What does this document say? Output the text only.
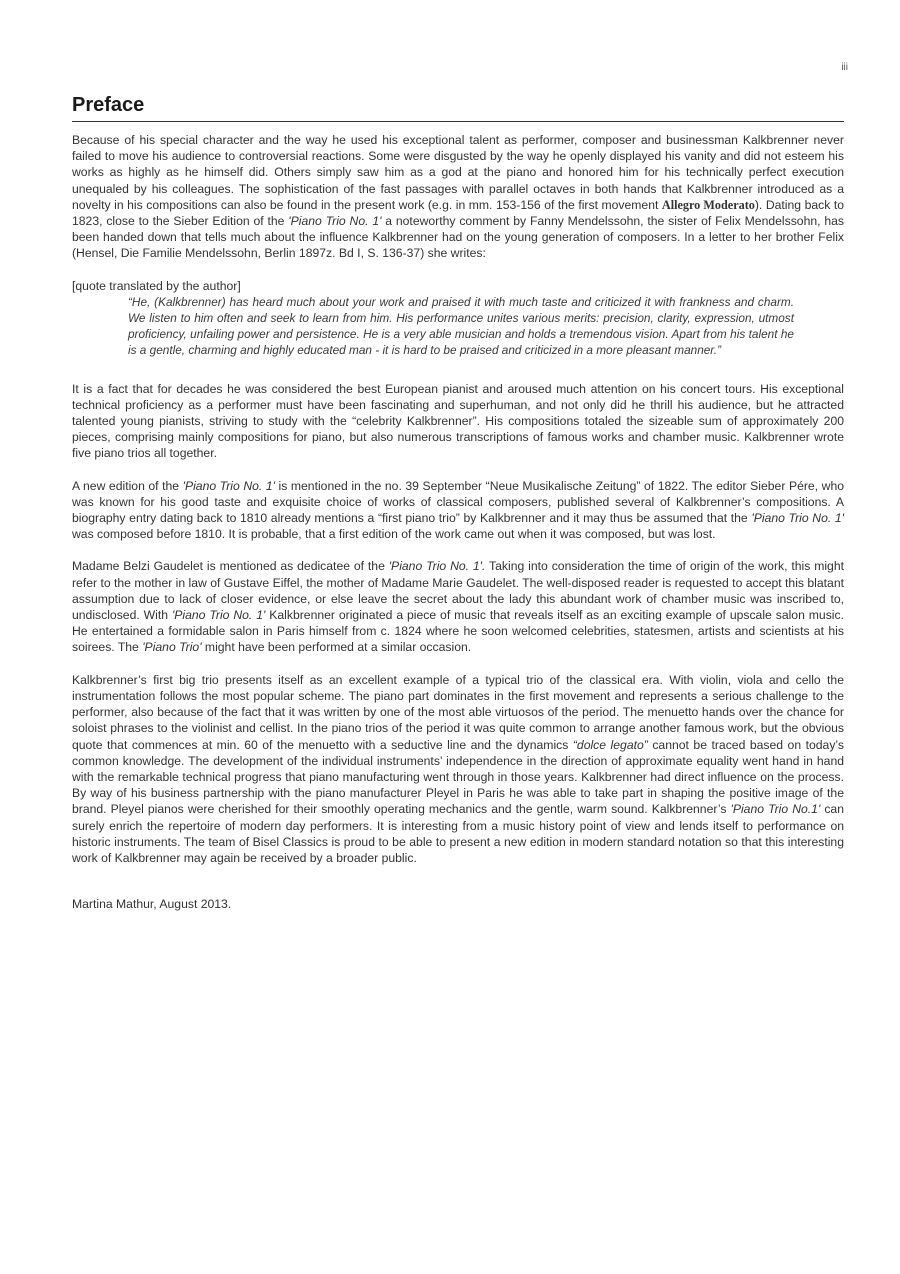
iii
Preface

Because of his special character and the way he used his exceptional talent as performer, composer and businessman Kalkbrenner never failed to move his audience to controversial reactions. Some were disgusted by the way he openly displayed his vanity and did not esteem his works as highly as he himself did. Others simply saw him as a god at the piano and honored him for his technically perfect execution unequaled by his colleagues. The sophistication of the fast passages with parallel octaves in both hands that Kalkbrenner introduced as a novelty in his compositions can also be found in the present work (e.g. in mm. 153-156 of the first movement Allegro Moderato). Dating back to 1823, close to the Sieber Edition of the 'Piano Trio No. 1' a noteworthy comment by Fanny Mendelssohn, the sister of Felix Mendelssohn, has been handed down that tells much about the influence Kalkbrenner had on the young generation of composers. In a letter to her brother Felix (Hensel, Die Familie Mendelssohn, Berlin 1897z. Bd I, S. 136-37) she writes:

[quote translated by the author]

“He, (Kalkbrenner) has heard much about your work and praised it with much taste and criticized it with frankness and charm. We listen to him often and seek to learn from him. His performance unites various merits: precision, clarity, expression, utmost proficiency, unfailing power and persistence. He is a very able musician and holds a tremendous vision. Apart from his talent he is a gentle, charming and highly educated man - it is hard to be praised and criticized in a more pleasant manner.”

It is a fact that for decades he was considered the best European pianist and aroused much attention on his concert tours. His exceptional technical proficiency as a performer must have been fascinating and superhuman, and not only did he thrill his audience, but he attracted talented young pianists, striving to study with the “celebrity Kalkbrenner”. His compositions totaled the sizeable sum of approximately 200 pieces, comprising mainly compositions for piano, but also numerous transcriptions of famous works and chamber music. Kalkbrenner wrote five piano trios all together.

A new edition of the 'Piano Trio No. 1' is mentioned in the no. 39 September “Neue Musikalische Zeitung” of 1822. The editor Sieber Pére, who was known for his good taste and exquisite choice of works of classical composers, published several of Kalkbrenner’s compositions. A biography entry dating back to 1810 already mentions a “first piano trio” by Kalkbrenner and it may thus be assumed that the 'Piano Trio No. 1' was composed before 1810. It is probable, that a first edition of the work came out when it was composed, but was lost.

Madame Belzi Gaudelet is mentioned as dedicatee of the 'Piano Trio No. 1'. Taking into consideration the time of origin of the work, this might refer to the mother in law of Gustave Eiffel, the mother of Madame Marie Gaudelet. The well-disposed reader is requested to accept this blatant assumption due to lack of closer evidence, or else leave the secret about the lady this abundant work of chamber music was inscribed to, undisclosed. With 'Piano Trio No. 1' Kalkbrenner originated a piece of music that reveals itself as an exciting example of upscale salon music. He entertained a formidable salon in Paris himself from c. 1824 where he soon welcomed celebrities, statesmen, artists and scientists at his soirees. The 'Piano Trio' might have been performed at a similar occasion.

Kalkbrenner’s first big trio presents itself as an excellent example of a typical trio of the classical era. With violin, viola and cello the instrumentation follows the most popular scheme. The piano part dominates in the first movement and represents a serious challenge to the performer, also because of the fact that it was written by one of the most able virtuosos of the period. The menuetto hands over the chance for soloist phrases to the violinist and cellist. In the piano trios of the period it was quite common to arrange another famous work, but the obvious quote that commences at min. 60 of the menuetto with a seductive line and the dynamics “dolce legato” cannot be traced based on today’s common knowledge. The development of the individual instruments’ independence in the direction of approximate equality went hand in hand with the remarkable technical progress that piano manufacturing went through in those years. Kalkbrenner had direct influence on the process. By way of his business partnership with the piano manufacturer Pleyel in Paris he was able to take part in shaping the positive image of the brand. Pleyel pianos were cherished for their smoothly operating mechanics and the gentle, warm sound. Kalkbrenner’s 'Piano Trio No.1' can surely enrich the repertoire of modern day performers. It is interesting from a music history point of view and lends itself to performance on historic instruments. The team of Bisel Classics is proud to be able to present a new edition in modern standard notation so that this interesting work of Kalkbrenner may again be received by a broader public.

Martina Mathur, August 2013.
